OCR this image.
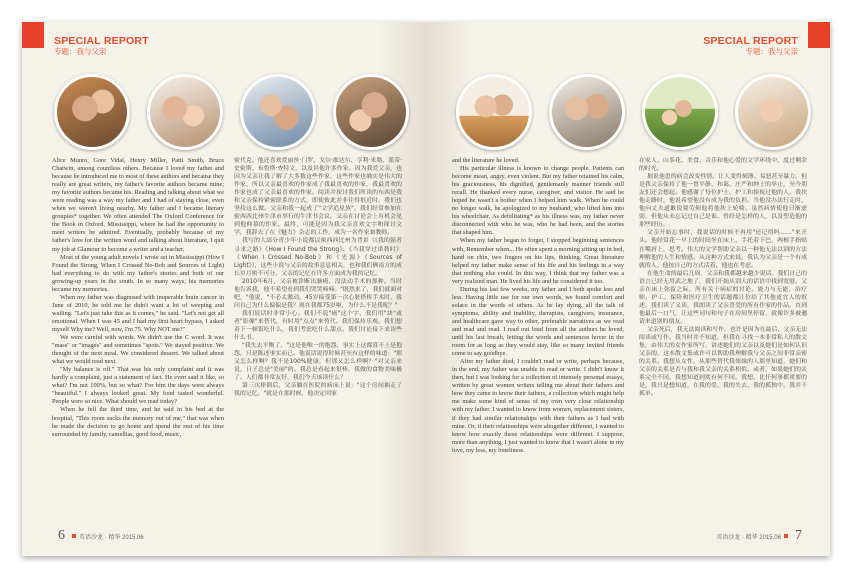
SPECIAL REPORT
专题：我与父亲

Alice Munro, Gore Vidal, Henry Miller, Patti Smith, Bruce Chatwin, among countless others. Because I loved my father and because he introduced me to most of these authors and because they really are great writers, my father's favorite authors became mine; my favorite authors became his. Reading and talking about what we were reading was a way my father and I had of staying close, even when we weren't living nearby. My father and I became literary groupies* together. We often attended The Oxford Conference for the Book in Oxford, Mississippi, where he had the opportunity to meet writers he admired. Eventually, probably because of my father's love for the written word and talking about literature, I quit my job at Glamour to become a writer and a teacher.

Most of the young adult novels I wrote set in Mississippi (How I Found the Strong, When I Crossed No-Bob and Sources of Light) had everything to do with my father's stories and both of our growing-up years in the south. In so many ways, his memories became my memories.

When my father was diagnosed with inoperable brain cancer in June of 2010, he told me he didn't want a lot of weeping and wailing. "Let's just take this as it comes," he said. "Let's not get all emotional. When I was 45 and I had my first heart bypass, I asked myself Why me? Well, now, I'm 75. Why NOT me?"

We were careful with words. We didn't use the C word. It was "mass" or "images" and sometimes "spots." We stayed positive. We thought of the next meal. We considered dessert. We talked about what we would read next.

"My balance is off." That was his only complaint and it was hardly a complaint, just a statement of fact. He even said it like, so what? I'm not 100%, but so what? For him the days were always "beautiful." I always looked great. My food tasted wonderful. People were so nice. What should we read today?

When he fell the third time, and he said in his bed at the hospital, "This room sucks the memory out of me," that was when he made the decision to go home and spend the rest of his time surrounded by family, camellias, good food, music,

密代克。他还喜欢爱丽丝·门罗、戈尔·维达尔、亨利·米勒、派蒂·史密斯、布鲁斯·查特文，以及其他许多作家。因为我爱父亲，也因为父亲让我了解了大多数这些作家，这些作家也确实是伟大的作家，所以父亲最喜欢的作家成了我最喜欢的作家，我最喜欢的作家也成了父亲最喜欢的作家。阅读并探讨我们所读的东西是我和父亲保持紧密联系的方式，即使彼此并非住得很近时，我们也坚持这么做。父亲和我一起成了"文学追星族"。我们经常参加在密西西比州牛津市举行的牛津书会议，父亲在讨论会上有机会见到他仰慕的作家。最终，可能是因为我父亲喜欢文字和探讨文学，我辞去了在《魅力》杂志的工作，成为一名作家兼教师。

我写的大部分青少年小说都以密西西比州为背景（《我的强者寻求之路》《How I Found the Strong》、《当我穿过诺勃时》《When I Crossed No-Bob》和《光源》《Sources of Light》），这些小说与父亲的故事息息相关，也和我们俩南方的成长岁月密不可分。父亲的记忆在许多方面成为我的记忆。

2010年6月，父亲被诊断出脑癌，没法动手术的那种。当时他告诉我，他不希望看到我们哭哭啼啼。"既然来了，我们就面对吧，"他说，"不必太激动。45岁接受第一次心脏搭桥手术时，我问自己为什么偏偏是我？现在我都75岁啦，为什么不是我呢？"

我们说话时非常小心。我们不说"癌"这个字，我们用"块"或者"影像"来替代，有时用"点点"来替代。我们保持乐观。我们想着下一顿饭吃什么，我们考虑吃什么甜点。我们讨论接下来读些什么书。

"我失去平衡了。"这是他唯一的抱怨，事实上这都算不上是抱怨，只是陈述事实而已。他说话说得时候甚至有这样的味道："那又怎么样啊？我不是100%健康，但那又怎么样啊？"对父亲来说，日子总是"美丽"的。我总是看起来很棒，我做的食物美味极了。人们都非常友好，我们今天该读什么？

第三次摔倒后，父亲躺在医院的病床上说："这个房间抽走了我的记忆。"就是在那时候，他决定回家

6 英语沙龙 · 精华 2015.06
SPECIAL REPORT
专题：我与父亲

and the literature he loved.

His particular illness is known to change people. Patients can become mean, angry, even violent. But my father retained his calm, his graciousness, his dignified, gentlemanly manner friends still recall. He thanked every nurse, caregiver, and visitor. He said he hoped he wasn't a bother when I helped him walk. When he could no longer walk, he apologized to my husband, who lifted him into his wheelchair. As debilitating* as his illness was, my father never disconnected with who he was, who he had been, and the stories that shaped him.

When my father began to forget, I stopped beginning sentences with, Remember when... He often spent a morning sitting up in bed, hand on chin, two fingers on his lips, thinking. Great literature helped my father make sense of his life and his feelings in a way that nothing else could. In this way, I think that my father was a very realized man. He lived his life and he considered it too.

During his last few weeks, my father and I both spoke less and less. Having little use for our own words, we found comfort and solace in the words of others. As he lay dying, all the talk of symptoms, ability and inability, therapists, caregivers, insurance, and healthcare gave way to other, preferable narratives as we read and read and read. I read out loud from all the authors he loved, until his last breath, letting the words and sentences hover in the room for as long as they would stay, like so many invited friends come to say goodbye.

After my father died, I couldn't read or write, perhaps because, in the end, my father was unable to read or write. I didn't know it then, but I was looking for a collection of intensely personal essays, written by great women writers telling me about their fathers and how they came to know their fathers, a collection which might help me make some kind of sense of my own very close relationship with my father. I wanted to know from women, replacement sisters, if they had similar relationships with their fathers as I had with mine. Or, if their relationships were altogether different, I wanted to know how exactly these relationships were different. I suppose, more than anything, I just wanted to know that I wasn't alone in my love, my loss, my loneliness.

在家人、山茶花、美食、音乐和他心爱的文学环绕中，度过剩余的时光。

据说他患的病会改变性情。让人变得刻薄、易怒甚至暴力。但是我父亲保持了他一贯平静、和蔼、庄严和绅士的举止，至今朋友们还会想起。他感谢了每位护士、护工和探视过他的人。我扶他走路时，他说希望他没有成为我的负担。当他没办法行走时，他向丈夫道歉说要劳烦他将他扶上轮椅。虽然病情使他日渐虚弱，但他从未忘记过自己是谁、曾经是怎样的人，以及塑造他的那些经历。

父亲开始忘事时，我说话的时候不再用"还记得吗……"来开头。他经常花一早上的时间坐在床上，手托着下巴，两根手指贴在嘴唇上，思考。伟大的文学帮助父亲以一种他无法以别的方法理解他的人生和情感。从这种方式来说，我认为父亲是一个有成就的人。他按自己的方式活着，他也在考虑。

在他生命的最后几周，父亲和我都越来越少说话。我们自己的语言已经无用武之地了，我们开始从别人的话语中找到宽慰。父亲在床上弥留之际，所有关于病症的讨论、能力与无能、治疗师、护工、保险和医疗卫生的话题都让位给了其他更宜人的叙述，我们读了又读，我朗读了父亲喜爱的所有作家的作品，直到他最后一口气，让这些词句和句子在房间里停留，就像许多被邀请来道别的朋友。

父亲死后，我无法阅读和写作，也许是因为在最后，父亲无法阅读或写作。我当时并不知道，但我在寻找一本非常私人的散文集，由伟大的女作家所写，讲述她们的父亲以及她们是如何认识父亲的，这本散文集或许可以帮助我理解我与父亲之间非常亲密的关系。我想从女性，从那些替代我姐妹的人那里知道，她们和父亲的关系是否与我和我父亲的关系相似。或者，如果她们的关系完全不同，我想知道到底有何不同。我想，比任何事都重要的是，我只是想知道，在我的爱、我的失去、我的孤独中，我并不孤单。

英语沙龙 · 精华 2015.06 7
